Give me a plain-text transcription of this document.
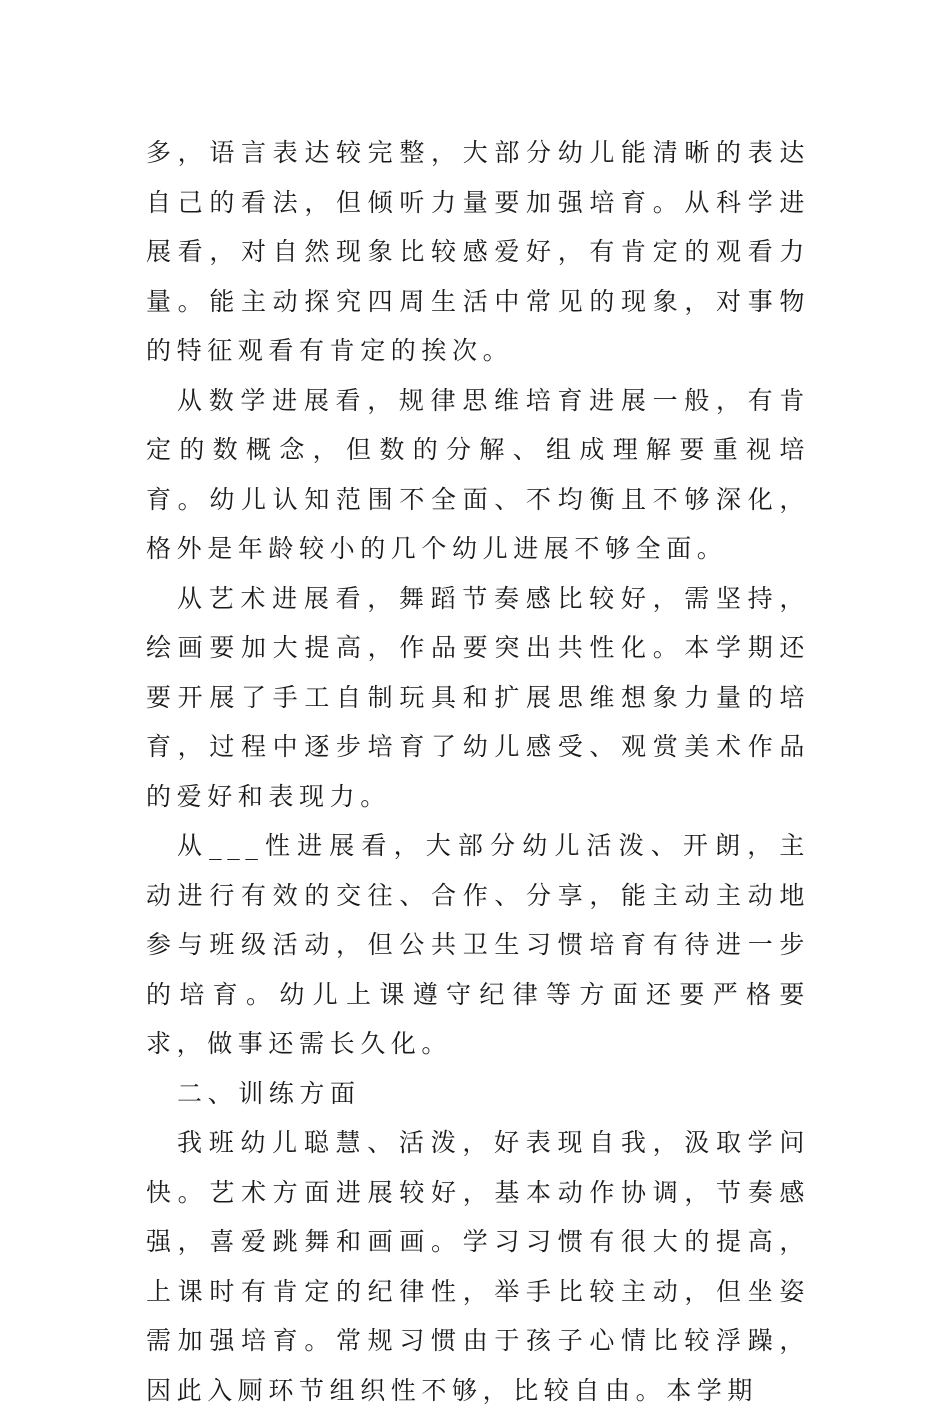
多，语言表达较完整，大部分幼儿能清晰的表达自己的看法，但倾听力量要加强培育。从科学进展看，对自然现象比较感爱好，有肯定的观看力量。能主动探究四周生活中常见的现象，对事物的特征观看有肯定的挨次。

从数学进展看，规律思维培育进展一般，有肯定的数概念，但数的分解、组成理解要重视培育。幼儿认知范围不全面、不均衡且不够深化，格外是年龄较小的几个幼儿进展不够全面。

从艺术进展看，舞蹈节奏感比较好，需坚持，绘画要加大提高，作品要突出共性化。本学期还要开展了手工自制玩具和扩展思维想象力量的培育，过程中逐步培育了幼儿感受、观赏美术作品的爱好和表现力。

从___性进展看，大部分幼儿活泼、开朗，主动进行有效的交往、合作、分享，能主动主动地参与班级活动，但公共卫生习惯培育有待进一步的培育。幼儿上课遵守纪律等方面还要严格要求，做事还需长久化。

二、训练方面

我班幼儿聪慧、活泼，好表现自我，汲取学问快。艺术方面进展较好，基本动作协调，节奏感强，喜爱跳舞和画画。学习习惯有很大的提高，上课时有肯定的纪律性，举手比较主动，但坐姿需加强培育。常规习惯由于孩子心情比较浮躁，因此入厕环节组织性不够，比较自由。本学期
